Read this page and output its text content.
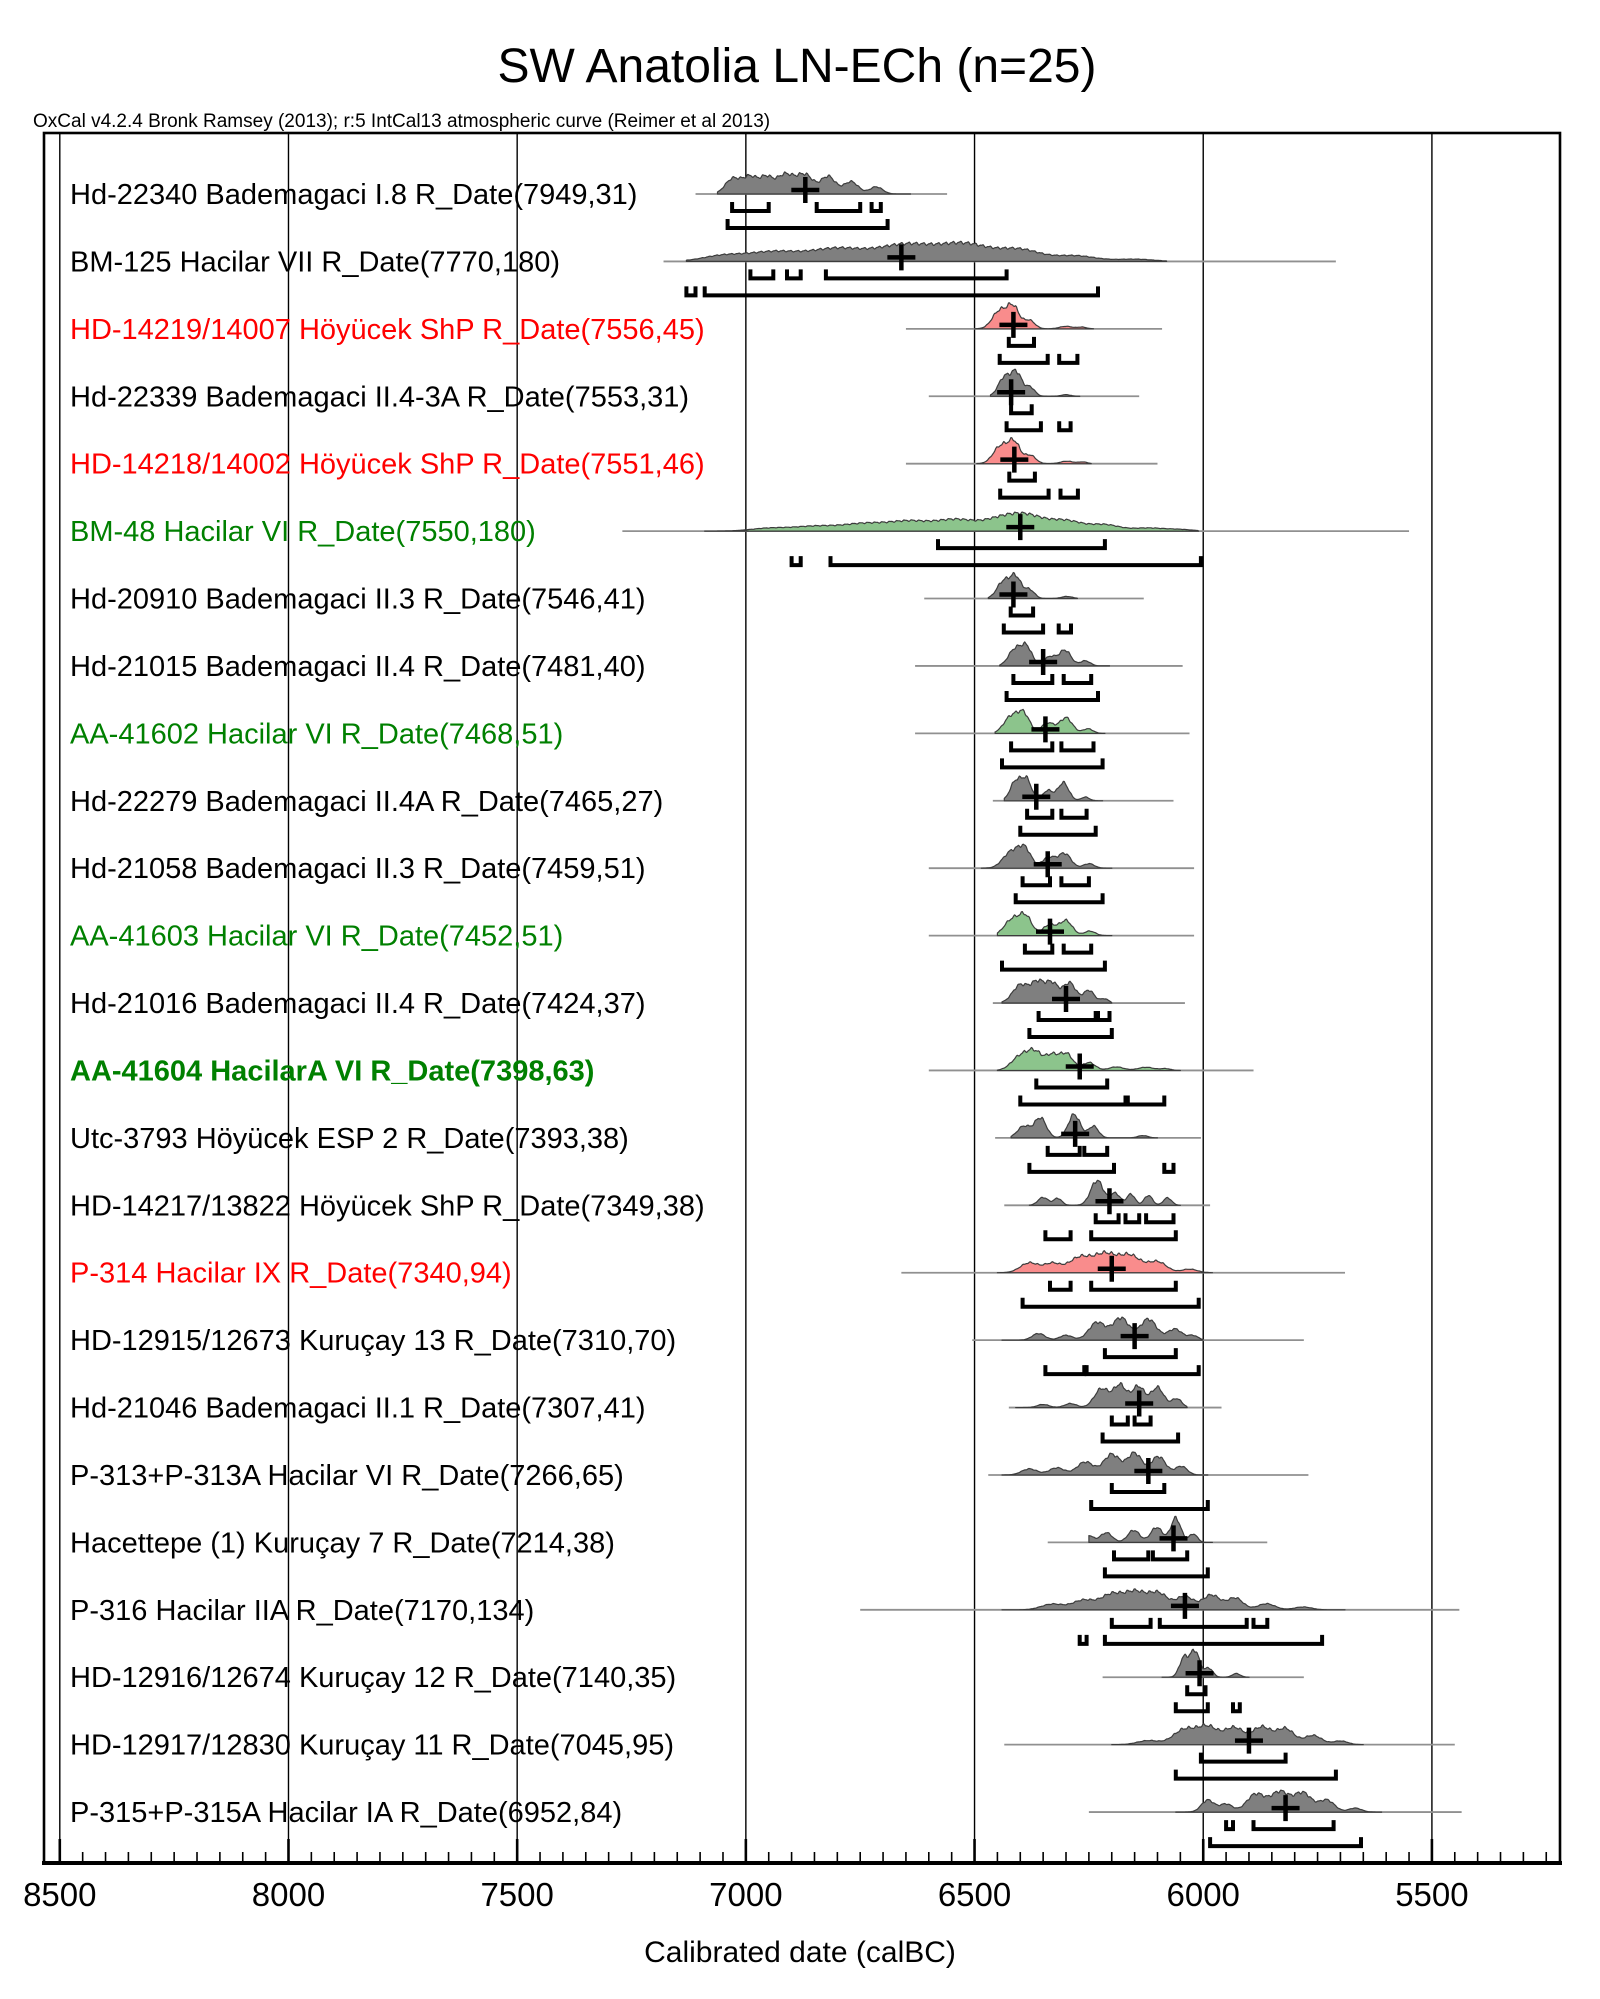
SW Anatolia LN-ECh (n=25)
OxCal v4.2.4 Bronk Ramsey (2013); r:5 IntCal13 atmospheric curve (Reimer et al 2013)
Hd-22340 Bademagaci I.8 R_Date(7949,31)
BM-125 Hacilar VII R_Date(7770,180)
HD-14219/14007 Höyücek ShP R_Date(7556,45)
Hd-22339 Bademagaci II.4-3A R_Date(7553,31)
HD-14218/14002 Höyücek ShP R_Date(7551,46)
BM-48 Hacilar VI R_Date(7550,180)
Hd-20910 Bademagaci II.3 R_Date(7546,41)
Hd-21015 Bademagaci II.4 R_Date(7481,40)
AA-41602 Hacilar VI R_Date(7468,51)
Hd-22279 Bademagaci II.4A R_Date(7465,27)
Hd-21058 Bademagaci II.3 R_Date(7459,51)
AA-41603 Hacilar VI R_Date(7452,51)
Hd-21016 Bademagaci II.4 R_Date(7424,37)
AA-41604 HacilarA VI R_Date(7398,63)
Utc-3793 Höyücek ESP 2 R_Date(7393,38)
HD-14217/13822 Höyücek ShP R_Date(7349,38)
P-314 Hacilar IX R_Date(7340,94)
HD-12915/12673 Kuruçay 13 R_Date(7310,70)
Hd-21046 Bademagaci II.1 R_Date(7307,41)
P-313+P-313A Hacilar VI R_Date(7266,65)
Hacettepe (1) Kuruçay 7 R_Date(7214,38)
P-316 Hacilar IIA R_Date(7170,134)
HD-12916/12674 Kuruçay 12 R_Date(7140,35)
HD-12917/12830 Kuruçay 11 R_Date(7045,95)
P-315+P-315A Hacilar IA R_Date(6952,84)
8500	8000	7500	7000	6500	6000	5500
Calibrated date (calBC)
